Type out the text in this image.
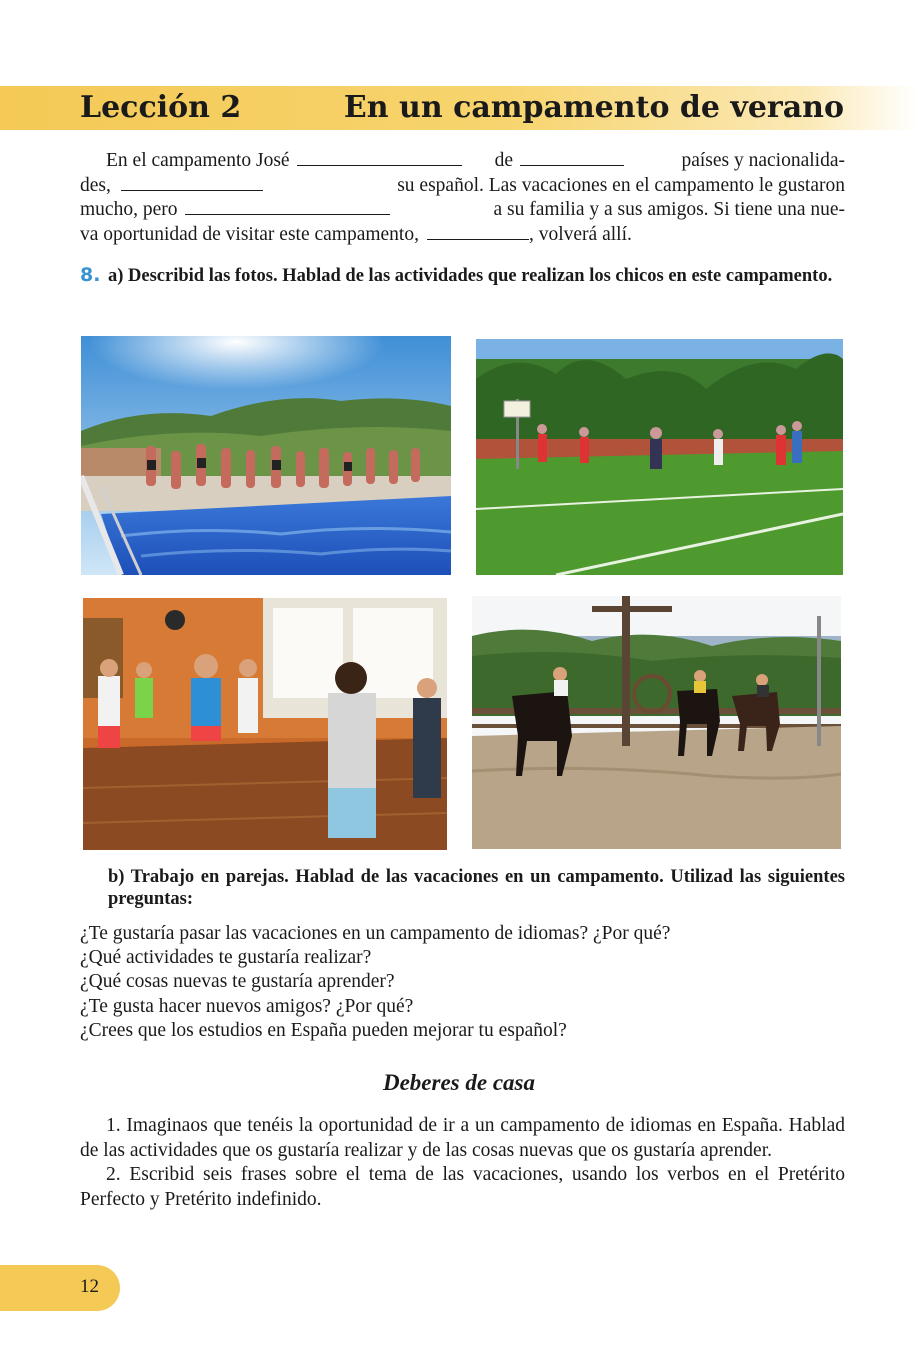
Lección 2	En un campamento de verano
En el campamento José	de	países y nacionalida-
des,	su español. Las vacaciones en el campamento le gustaron
mucho, pero	a su familia y a sus amigos. Si tiene una nue-
va oportunidad de visitar este campamento,	, volverá allí.
8. a) Describid las fotos. Hablad de las actividades que realizan los chicos en este campamento.
b) Trabajo en parejas. Hablad de las vacaciones en un campamento. Utilizad las siguientes preguntas:
¿Te gustaría pasar las vacaciones en un campamento de idiomas? ¿Por qué?
¿Qué actividades te gustaría realizar?
¿Qué cosas nuevas te gustaría aprender?
¿Te gusta hacer nuevos amigos? ¿Por qué?
¿Crees que los estudios en España pueden mejorar tu español?
Deberes de casa

1. Imaginaos que tenéis la oportunidad de ir a un campamento de idiomas en España. Hablad de las actividades que os gustaría realizar y de las cosas nuevas que os gustaría aprender.

2. Escribid seis frases sobre el tema de las vacaciones, usando los verbos en el Pretérito Perfecto y Pretérito indefinido.

12
